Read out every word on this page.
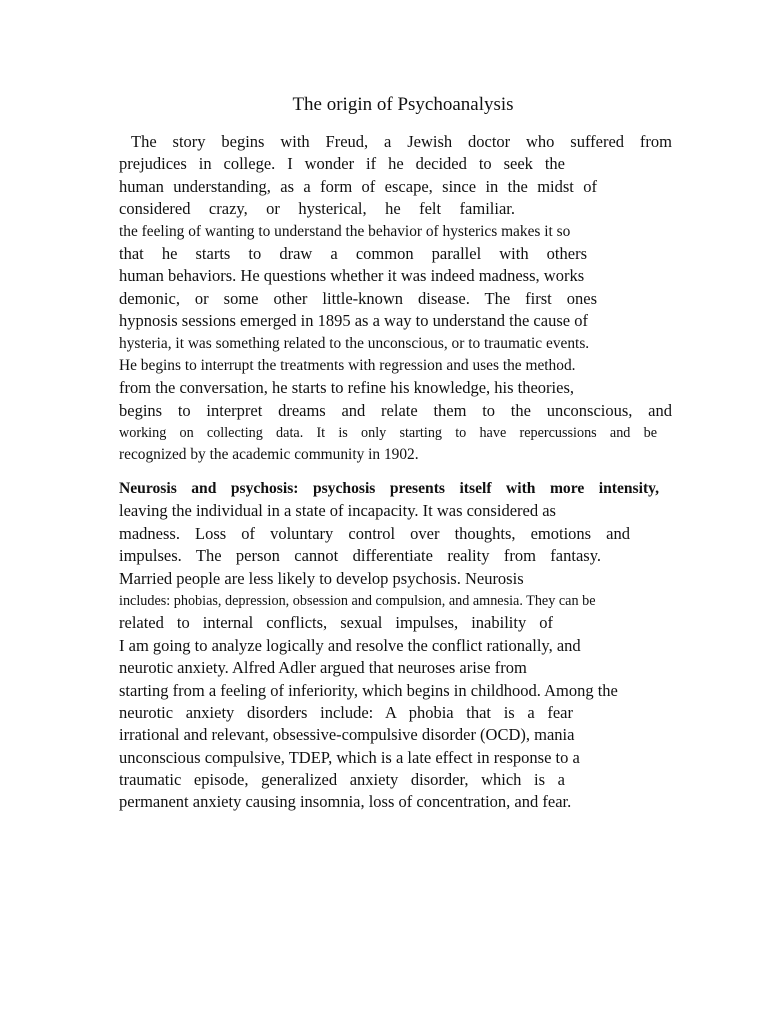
The origin of Psychoanalysis
The story begins with Freud, a Jewish doctor who suffered from
prejudices in college. I wonder if he decided to seek the
human understanding, as a form of escape, since in the midst of
considered crazy, or hysterical, he felt familiar.
the feeling of wanting to understand the behavior of hysterics makes it so
that he starts to draw a common parallel with others
human behaviors. He questions whether it was indeed madness, works
demonic, or some other little-known disease. The first ones
hypnosis sessions emerged in 1895 as a way to understand the cause of
hysteria, it was something related to the unconscious, or to traumatic events.
He begins to interrupt the treatments with regression and uses the method.
from the conversation, he starts to refine his knowledge, his theories,
begins to interpret dreams and relate them to the unconscious, and
working on collecting data. It is only starting to have repercussions and be
recognized by the academic community in 1902.
Neurosis and psychosis: psychosis presents itself with more intensity,
leaving the individual in a state of incapacity. It was considered as
madness. Loss of voluntary control over thoughts, emotions and
impulses. The person cannot differentiate reality from fantasy.
Married people are less likely to develop psychosis. Neurosis
includes: phobias, depression, obsession and compulsion, and amnesia. They can be
related to internal conflicts, sexual impulses, inability of
I am going to analyze logically and resolve the conflict rationally, and
neurotic anxiety. Alfred Adler argued that neuroses arise from
starting from a feeling of inferiority, which begins in childhood. Among the
neurotic anxiety disorders include: A phobia that is a fear
irrational and relevant, obsessive-compulsive disorder (OCD), mania
unconscious compulsive, TDEP, which is a late effect in response to a
traumatic episode, generalized anxiety disorder, which is a
permanent anxiety causing insomnia, loss of concentration, and fear.
